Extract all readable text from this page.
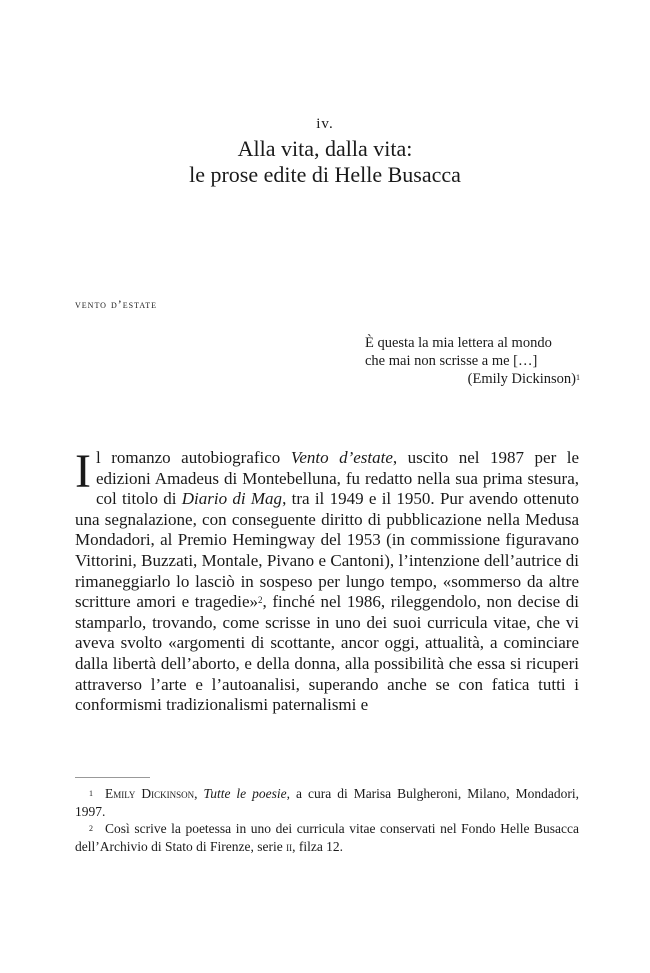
iv.
Alla vita, dalla vita:
le prose edite di Helle Busacca
vento d’estate
È questa la mia lettera al mondo
che mai non scrisse a me […]
(Emily Dickinson)$^1$
Il romanzo autobiografico Vento d’estate, uscito nel 1987 per le edizioni Amadeus di Montebelluna, fu redatto nella sua prima stesura, col titolo di Diario di Mag, tra il 1949 e il 1950. Pur avendo ottenuto una segnalazione, con conseguente diritto di pubblicazione nella Medusa Mondadori, al Premio Hemingway del 1953 (in commissione figuravano Vittorini, Buzzati, Montale, Pivano e Cantoni), l’intenzione dell’autrice di rimaneggiarlo lo lasciò in sospeso per lungo tempo, «sommerso da altre scritture amori e tragedie»$^2$, finché nel 1986, rileggendolo, non decise di stamparlo, trovando, come scrisse in uno dei suoi curricula vitae, che vi aveva svolto «argomenti di scottante, ancor oggi, attualità, a cominciare dalla libertà dell’aborto, e della donna, alla possibilità che essa si ricuperi attraverso l’arte e l’autoanalisi, superando anche se con fatica tutti i conformismi tradizionalismi paternalismi e

$^1$ Emily Dickinson, Tutte le poesie, a cura di Marisa Bulgheroni, Milano, Mondadori, 1997.

$^2$ Così scrive la poetessa in uno dei curricula vitae conservati nel Fondo Helle Busacca dell’Archivio di Stato di Firenze, serie ii, filza 12.
